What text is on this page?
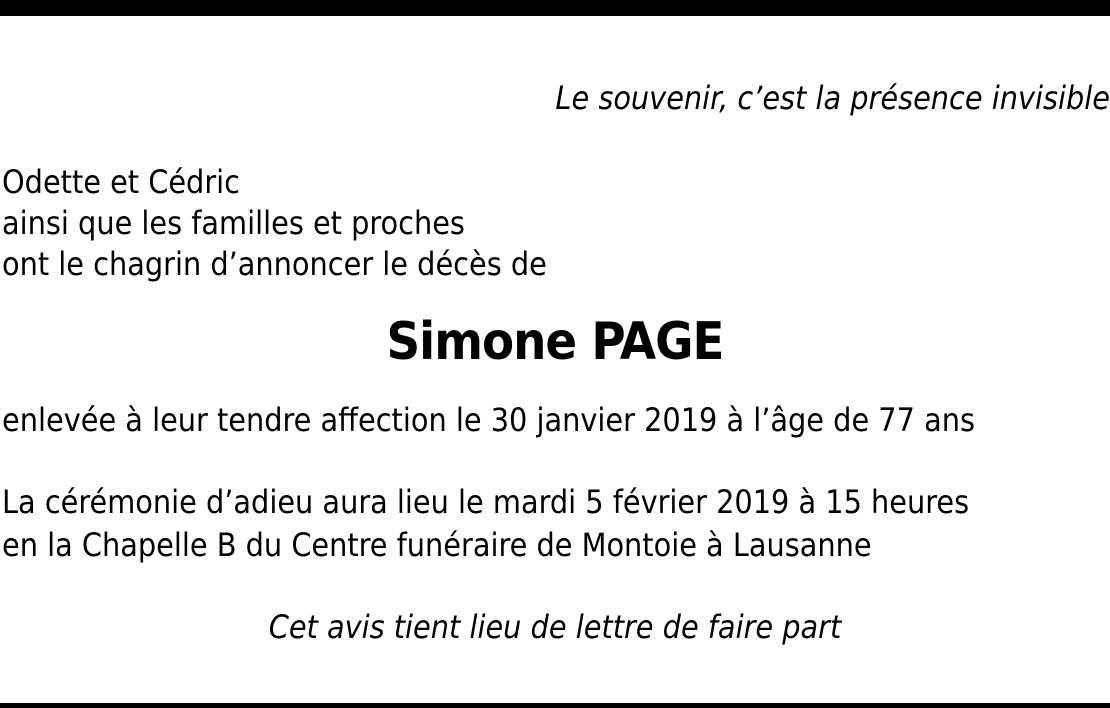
Le souvenir, c’est la présence invisible
Odette et Cédric
ainsi que les familles et proches
ont le chagrin d’annoncer le décès de
Simone PAGE
enlevée à leur tendre affection le 30 janvier 2019 à l’âge de 77 ans
La cérémonie d’adieu aura lieu le mardi 5 février 2019 à 15 heures
en la Chapelle B du Centre funéraire de Montoie à Lausanne
Cet avis tient lieu de lettre de faire part
